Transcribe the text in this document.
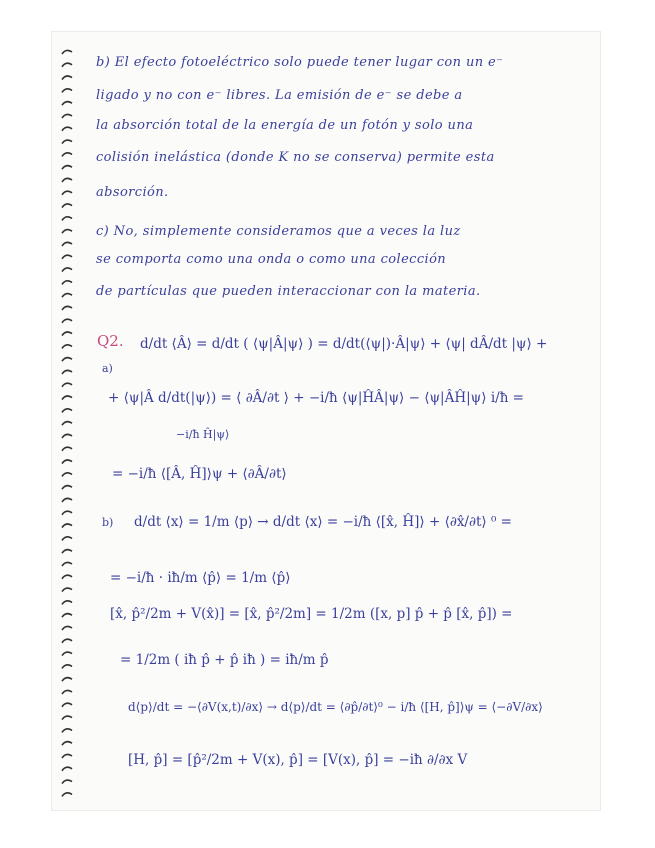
b) El efecto fotoeléctrico solo puede tener lugar con un e⁻
ligado y no con e⁻ libres. La emisión de e⁻ se debe a
la absorción total de la energía de un fotón y solo una
colisión inelástica (donde K no se conserva) permite esta
absorción.
c) No, simplemente consideramos que a veces la luz
se comporta como una onda o como una colección
de partículas que pueden interaccionar con la materia.
Q2.
a)
d/dt ⟨Â⟩ = d/dt ( ⟨ψ|Â|ψ⟩ ) = d/dt(⟨ψ|)·Â|ψ⟩ + ⟨ψ| dÂ/dt |ψ⟩ +
+ ⟨ψ|Â d/dt(|ψ⟩) = ⟨ ∂Â/∂t ⟩ + −i/ħ ⟨ψ|ĤÂ|ψ⟩ − ⟨ψ|ÂĤ|ψ⟩ i/ħ =
−i/ħ Ĥ|ψ⟩
= −i/ħ ⟨[Â, Ĥ]⟩ψ + ⟨∂Â/∂t⟩
b) d/dt ⟨x⟩ = 1/m ⟨p⟩ → d/dt ⟨x⟩ = −i/ħ ⟨[x̂, Ĥ]⟩ + ⟨∂x̂/∂t⟩ ⁰ =
= −i/ħ · iħ/m ⟨p̂⟩ = 1/m ⟨p̂⟩
[x̂, p̂²/2m + V(x̂)] = [x̂, p̂²/2m] = 1/2m ([x, p] p̂ + p̂ [x̂, p̂]) =
= 1/2m ( iħ p̂ + p̂ iħ ) = iħ/m p̂
d⟨p⟩/dt = −⟨∂V(x,t)/∂x⟩ → d⟨p⟩/dt = ⟨∂p̂/∂t⟩⁰ − i/ħ ⟨[H, p̂]⟩ψ = ⟨−∂V/∂x⟩
[H, p̂] = [p̂²/2m + V(x), p̂] = [V(x), p̂] = −iħ ∂/∂x V
